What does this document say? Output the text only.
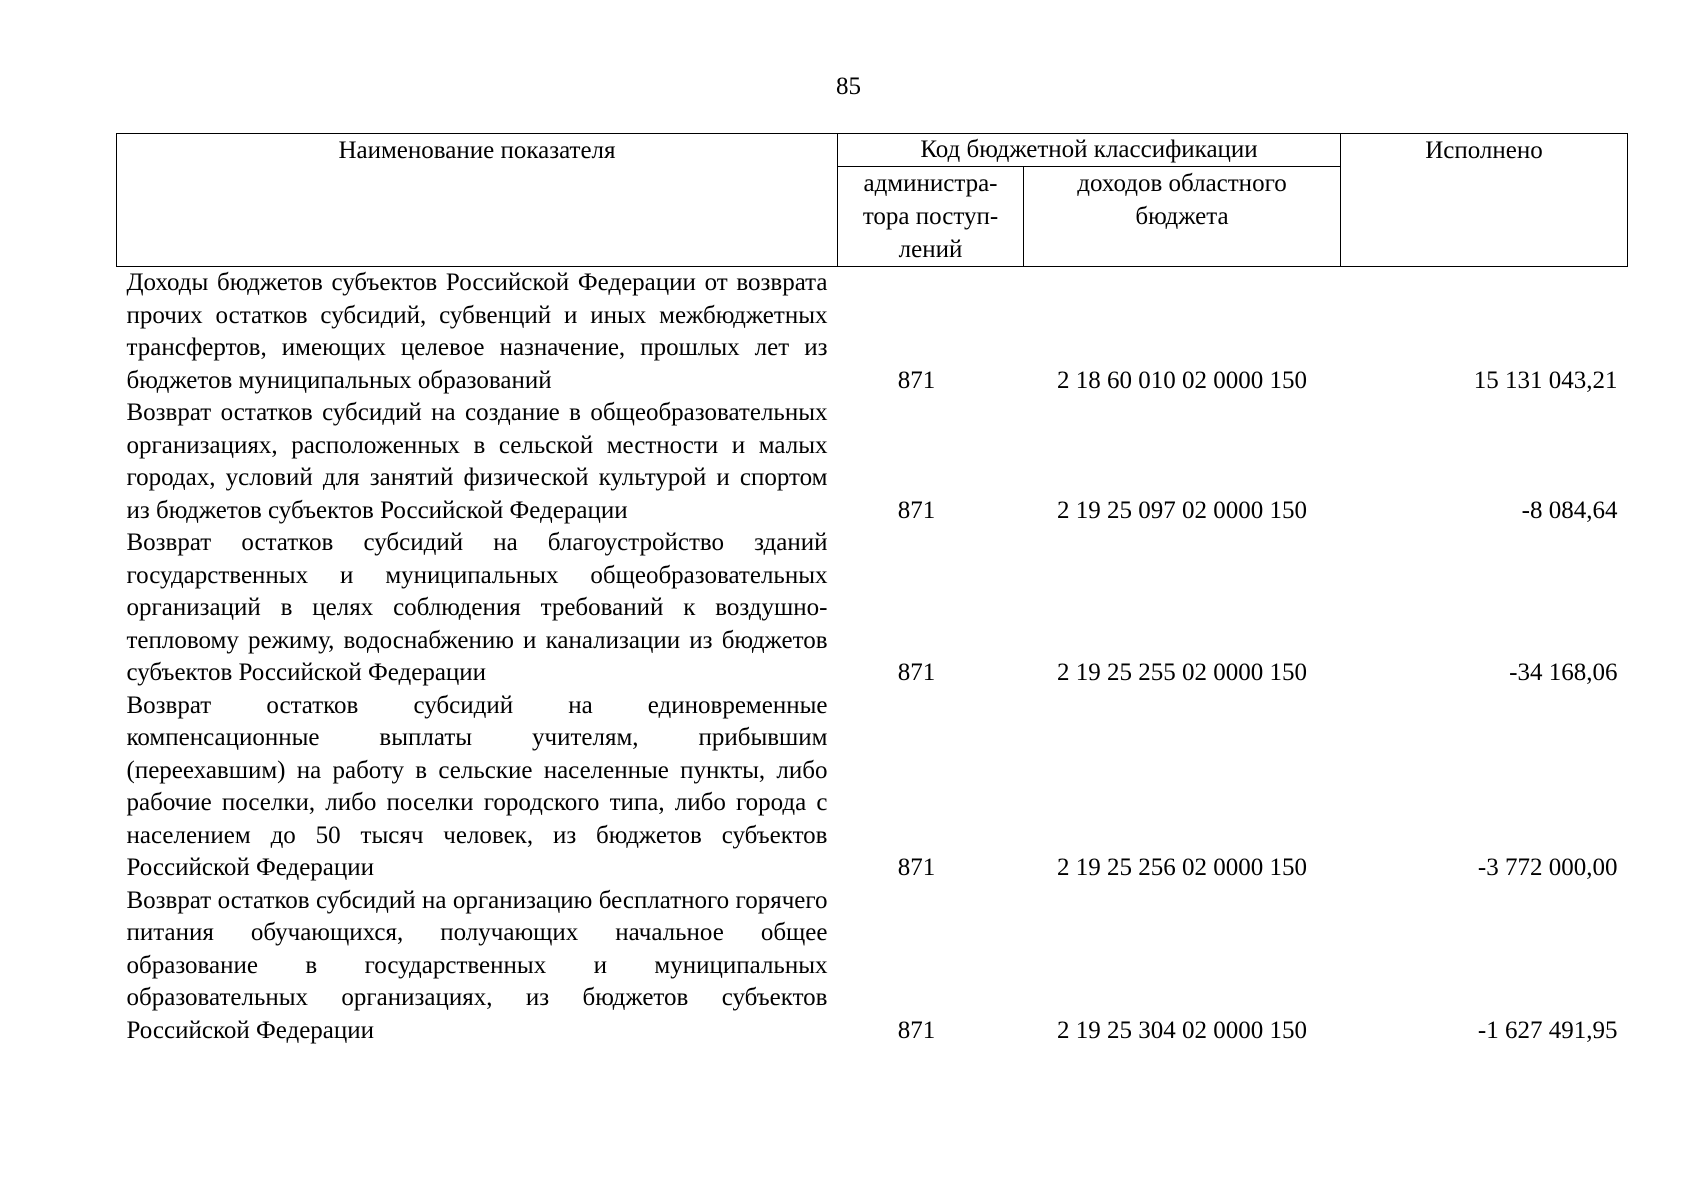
85
Наименование показателя	Код бюджетной классификации		Исполнено
	администра-тора поступ-лений	доходов областного бюджета	
Доходы бюджетов субъектов Российской Федерации от возврата прочих остатков субсидий, субвенций и иных межбюджетных трансфертов, имеющих целевое назначение, прошлых лет из бюджетов муниципальных образований	871	2 18 60 010 02 0000 150	15 131 043,21
Возврат остатков субсидий на создание в общеобразовательных организациях, расположенных в сельской местности и малых городах, условий для занятий физической культурой и спортом из бюджетов субъектов Российской Федерации	871	2 19 25 097 02 0000 150	-8 084,64
Возврат остатков субсидий на благоустройство зданий государственных и муниципальных общеобразовательных организаций в целях соблюдения требований к воздушно-тепловому режиму, водоснабжению и канализации из бюджетов субъектов Российской Федерации	871	2 19 25 255 02 0000 150	-34 168,06
Возврат остатков субсидий на единовременные компенсационные выплаты учителям, прибывшим (переехавшим) на работу в сельские населенные пункты, либо рабочие поселки, либо поселки городского типа, либо города с населением до 50 тысяч человек, из бюджетов субъектов Российской Федерации	871	2 19 25 256 02 0000 150	-3 772 000,00
Возврат остатков субсидий на организацию бесплатного горячего питания обучающихся, получающих начальное общее образование в государственных и муниципальных образовательных организациях, из бюджетов субъектов Российской Федерации	871	2 19 25 304 02 0000 150	-1 627 491,95
